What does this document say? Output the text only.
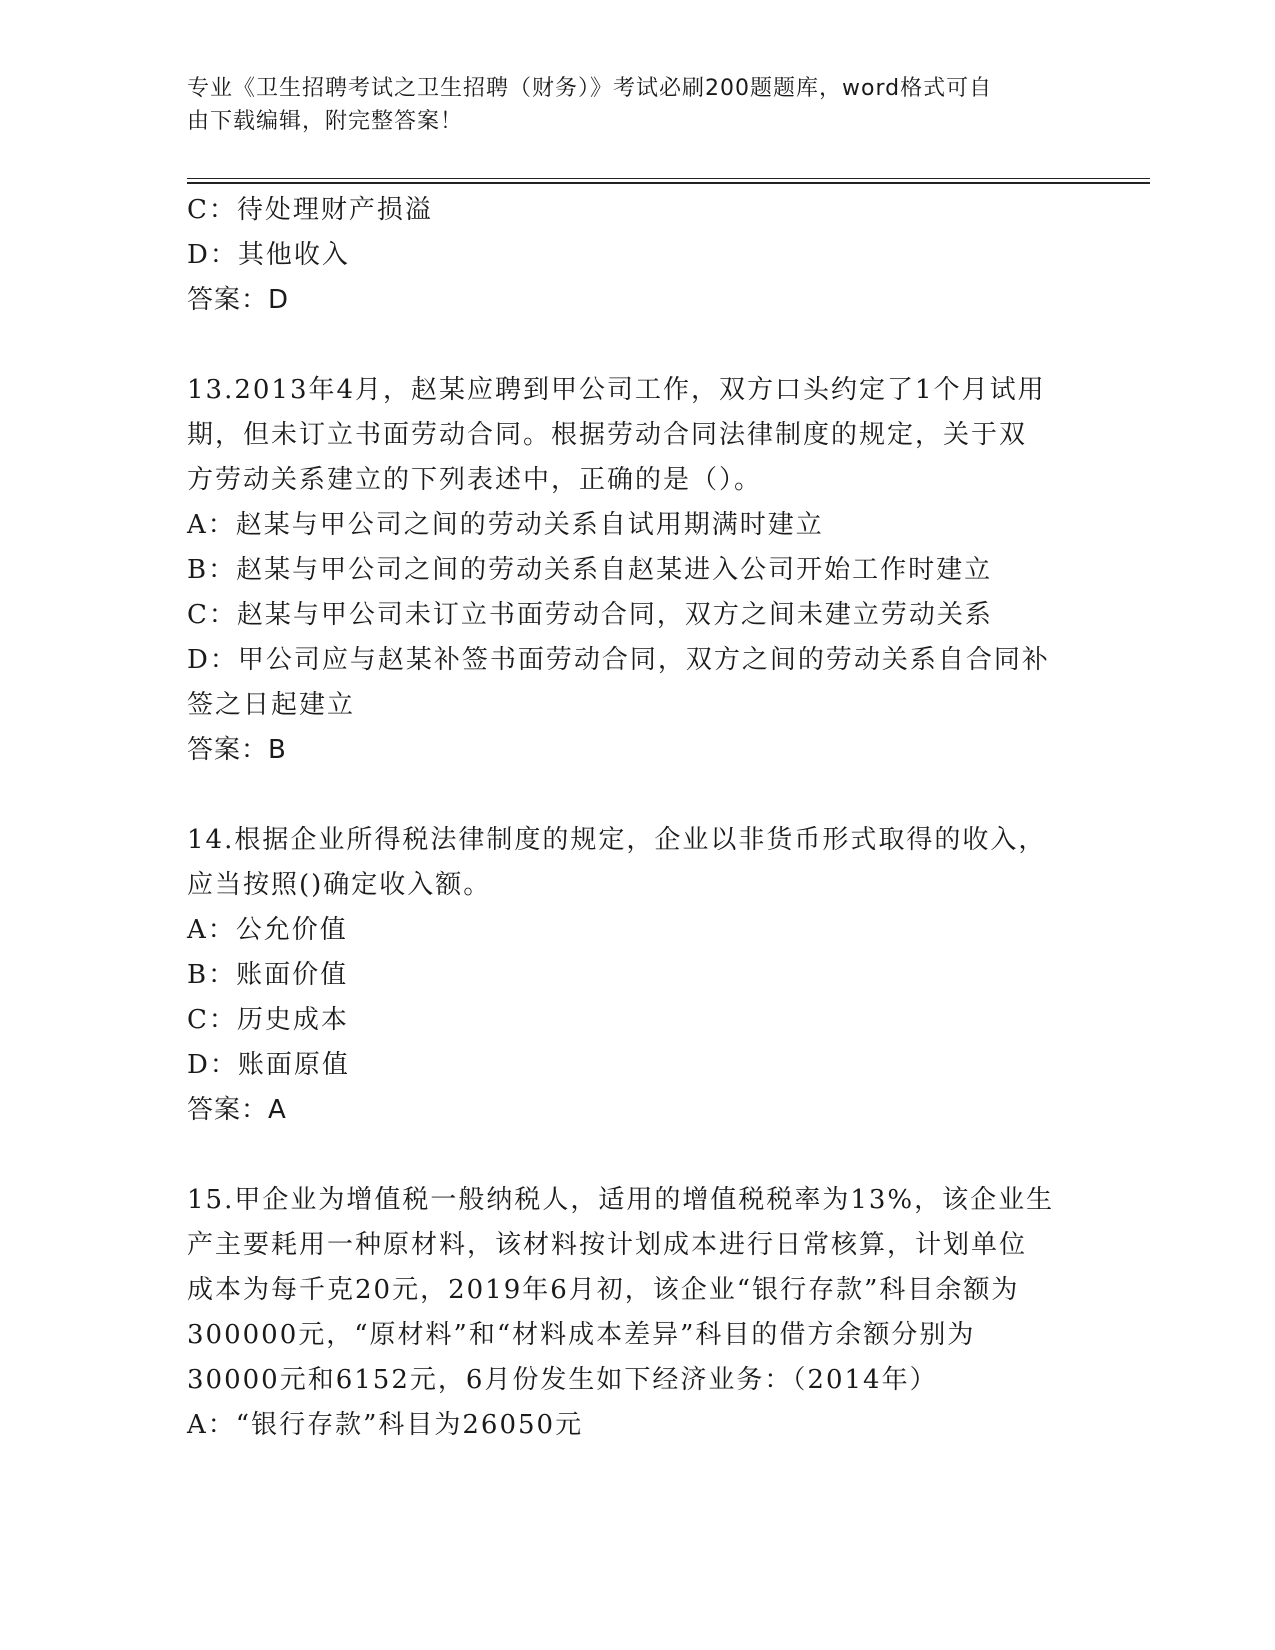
专业《卫生招聘考试之卫生招聘（财务）》考试必刷200题题库，word格式可自
由下载编辑，附完整答案！
C：待处理财产损溢
D：其他收入
答案：D
13.2013年4月，赵某应聘到甲公司工作，双方口头约定了1个月试用
期，但未订立书面劳动合同。根据劳动合同法律制度的规定，关于双
方劳动关系建立的下列表述中，正确的是（）。
A：赵某与甲公司之间的劳动关系自试用期满时建立
B：赵某与甲公司之间的劳动关系自赵某进入公司开始工作时建立
C：赵某与甲公司未订立书面劳动合同，双方之间未建立劳动关系
D：甲公司应与赵某补签书面劳动合同，双方之间的劳动关系自合同补
签之日起建立
答案：B
14.根据企业所得税法律制度的规定，企业以非货币形式取得的收入，
应当按照()确定收入额。
A：公允价值
B：账面价值
C：历史成本
D：账面原值
答案：A
15.甲企业为增值税一般纳税人，适用的增值税税率为13%，该企业生
产主要耗用一种原材料，该材料按计划成本进行日常核算，计划单位
成本为每千克20元，2019年6月初，该企业“银行存款”科目余额为
300000元，“原材料”和“材料成本差异”科目的借方余额分别为
30000元和6152元，6月份发生如下经济业务：（2014年）
A：“银行存款”科目为26050元
